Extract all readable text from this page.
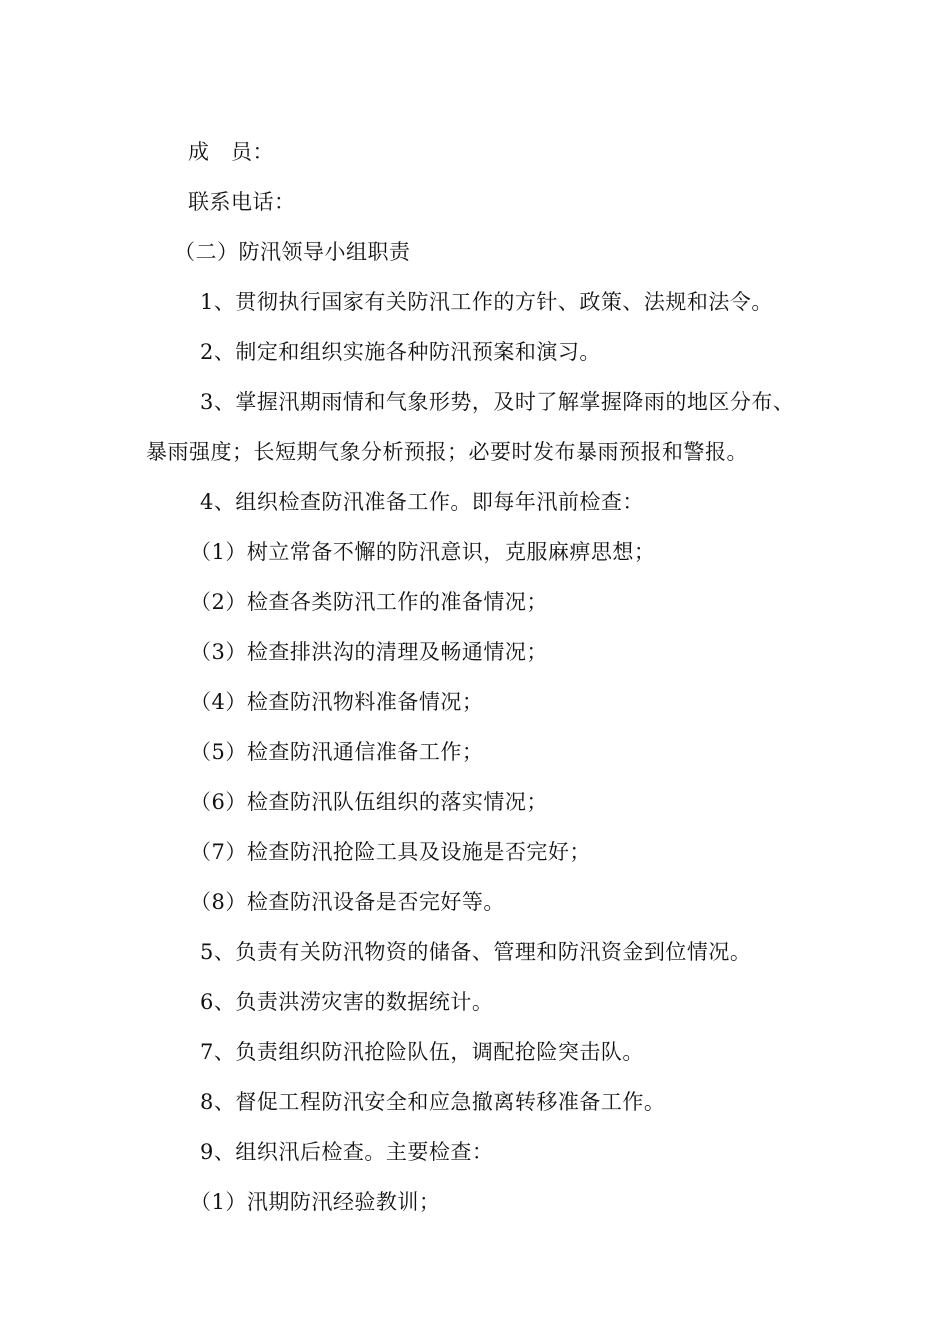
成　员：
联系电话：
（二）防汛领导小组职责
1、贯彻执行国家有关防汛工作的方针、政策、法规和法令。
2、制定和组织实施各种防汛预案和演习。
3、掌握汛期雨情和气象形势，及时了解掌握降雨的地区分布、
暴雨强度；长短期气象分析预报；必要时发布暴雨预报和警报。
4、组织检查防汛准备工作。即每年汛前检查：
（1）树立常备不懈的防汛意识，克服麻痹思想；
（2）检查各类防汛工作的准备情况；
（3）检查排洪沟的清理及畅通情况；
（4）检查防汛物料准备情况；
（5）检查防汛通信准备工作；
（6）检查防汛队伍组织的落实情况；
（7）检查防汛抢险工具及设施是否完好；
（8）检查防汛设备是否完好等。
5、负责有关防汛物资的储备、管理和防汛资金到位情况。
6、负责洪涝灾害的数据统计。
7、负责组织防汛抢险队伍，调配抢险突击队。
8、督促工程防汛安全和应急撤离转移准备工作。
9、组织汛后检查。主要检查：
（1）汛期防汛经验教训；
